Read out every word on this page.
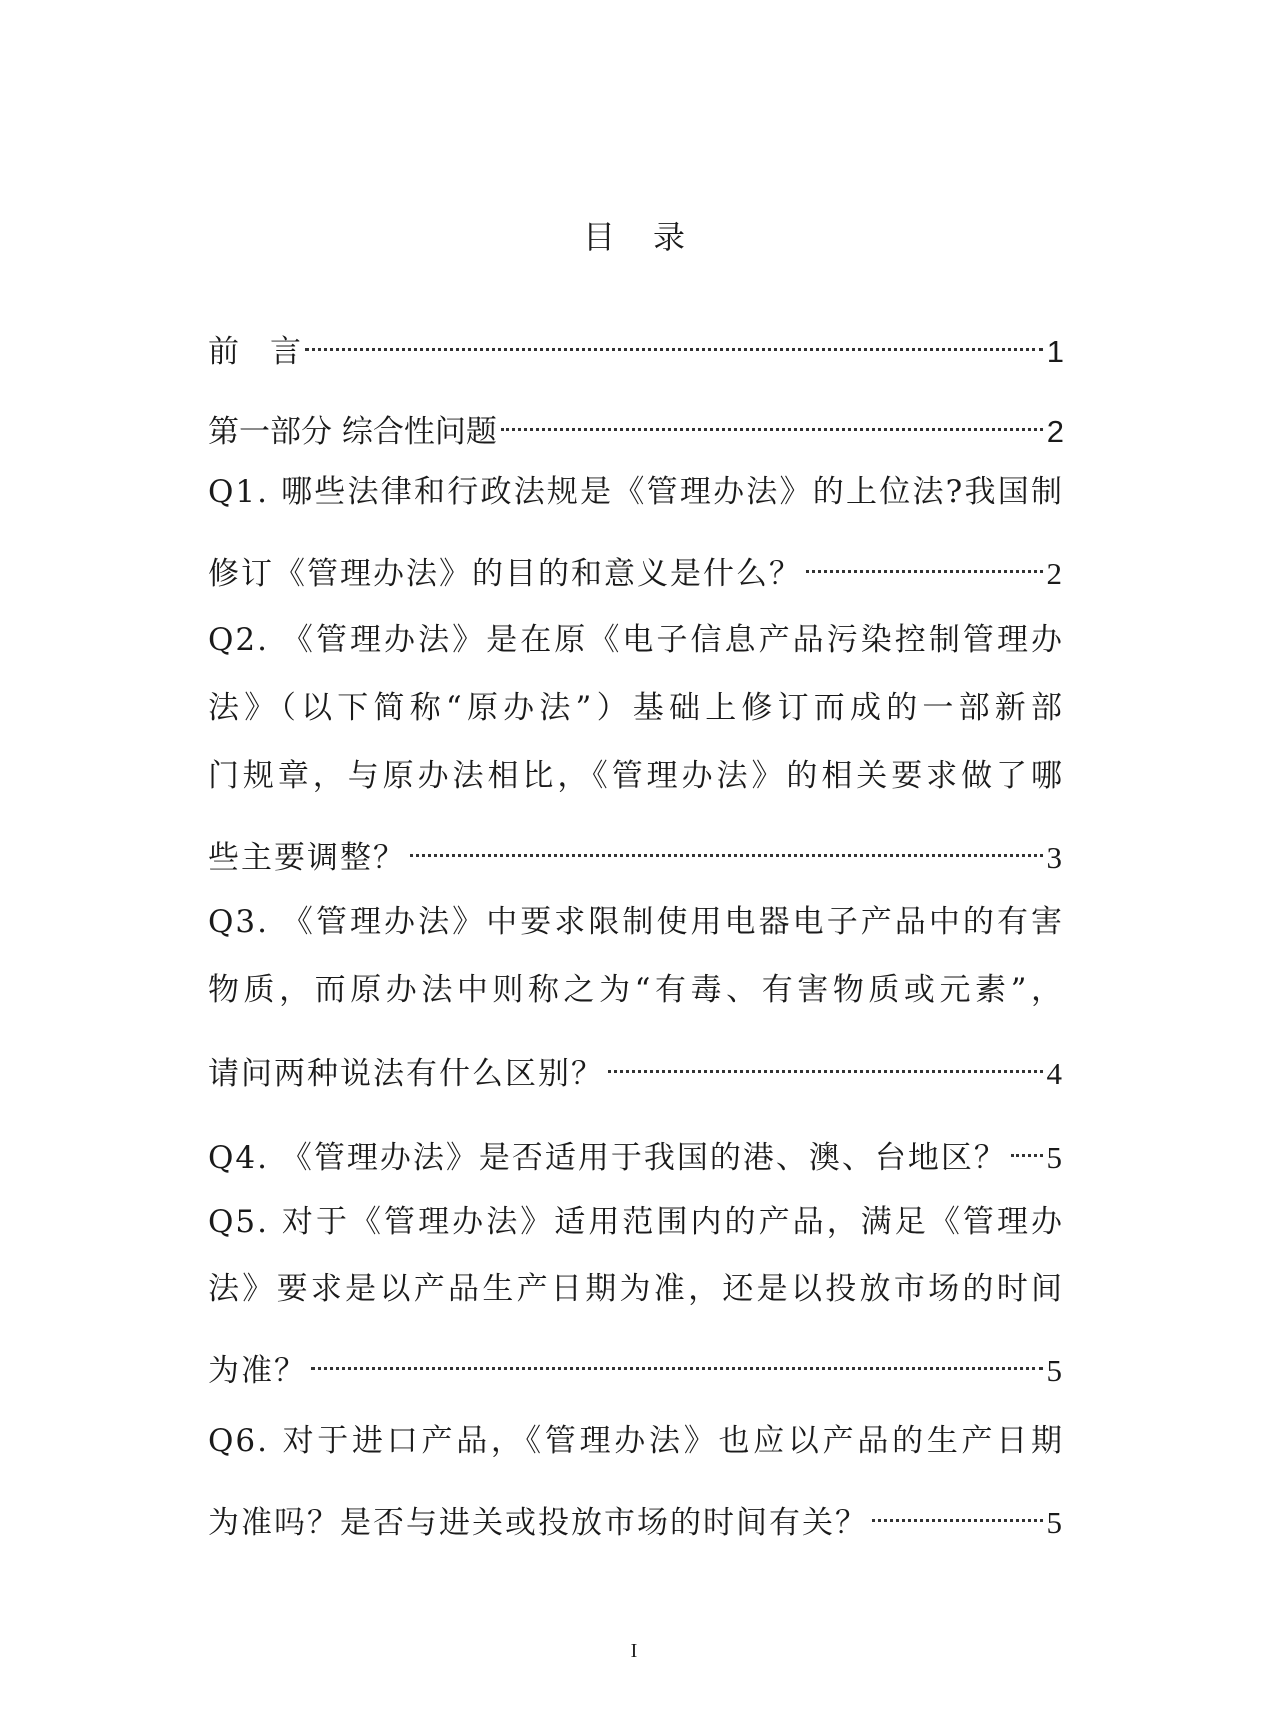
目录
前　言	1
第一部分 综合性问题	2
Q1. 哪些法律和行政法规是《管理办法》的上位法?我国制
修订《管理办法》的目的和意义是什么？	2
Q2. 《管理办法》是在原《电子信息产品污染控制管理办
法》（以下简称“原办法”）基础上修订而成的一部新部
门规章，与原办法相比，《管理办法》的相关要求做了哪
些主要调整？	3
Q3. 《管理办法》中要求限制使用电器电子产品中的有害
物质，而原办法中则称之为“有毒、有害物质或元素”，
请问两种说法有什么区别？	4
Q4. 《管理办法》是否适用于我国的港、澳、台地区？ 5
Q5. 对于《管理办法》适用范围内的产品，满足《管理办
法》要求是以产品生产日期为准，还是以投放市场的时间
为准？	5
Q6. 对于进口产品，《管理办法》也应以产品的生产日期
为准吗？是否与进关或投放市场的时间有关？	5
I
